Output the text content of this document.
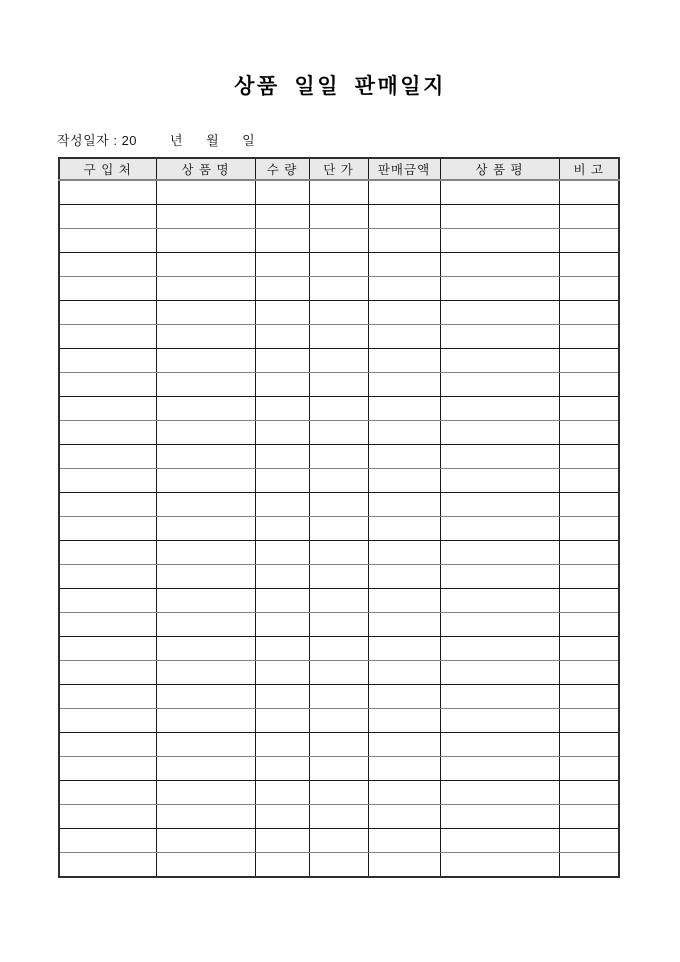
상품 일일 판매일지
작성일자 : 20	년 월 일
구 입 처	상 품 명	수 량	단 가	판매금액	상 품 평	비 고
